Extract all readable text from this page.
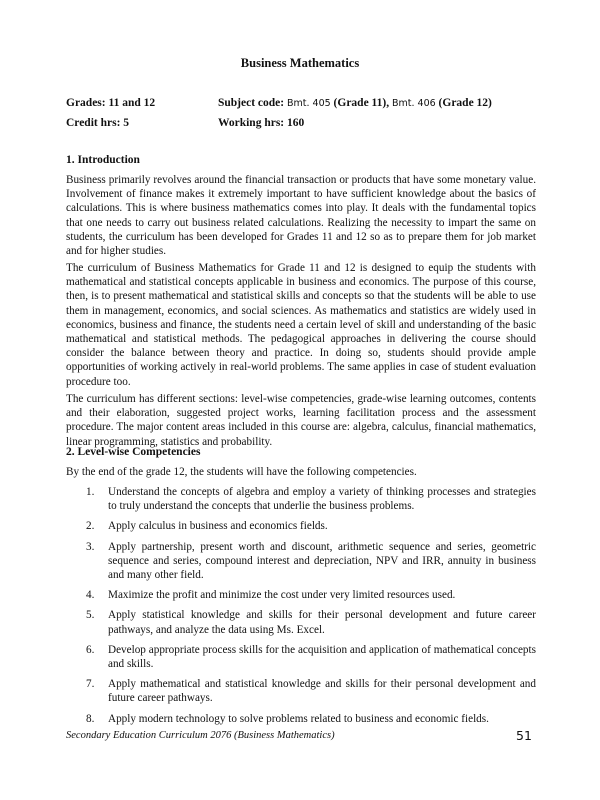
Business Mathematics
Grades: 11 and 12	Subject code: Bmt. 405 (Grade 11), Bmt. 406 (Grade 12)
Credit hrs: 5	Working hrs: 160
1. Introduction

Business primarily revolves around the financial transaction or products that have some monetary value. Involvement of finance makes it extremely important to have sufficient knowledge about the basics of calculations. This is where business mathematics comes into play. It deals with the fundamental topics that one needs to carry out business related calculations. Realizing the necessity to impart the same on students, the curriculum has been developed for Grades 11 and 12 so as to prepare them for job market and for higher studies.

The curriculum of Business Mathematics for Grade 11 and 12 is designed to equip the students with mathematical and statistical concepts applicable in business and economics. The purpose of this course, then, is to present mathematical and statistical skills and concepts so that the students will be able to use them in management, economics, and social sciences. As mathematics and statistics are widely used in economics, business and finance, the students need a certain level of skill and understanding of the basic mathematical and statistical methods. The pedagogical approaches in delivering the course should consider the balance between theory and practice. In doing so, students should provide ample opportunities of working actively in real-world problems. The same applies in case of student evaluation procedure too.

The curriculum has different sections: level-wise competencies, grade-wise learning outcomes, contents and their elaboration, suggested project works, learning facilitation process and the assessment procedure. The major content areas included in this course are: algebra, calculus, financial mathematics, linear programming, statistics and probability.

2. Level-wise Competencies

By the end of the grade 12, the students will have the following competencies.

1. Understand the concepts of algebra and employ a variety of thinking processes and strategies to truly understand the concepts that underlie the business problems.
2. Apply calculus in business and economics fields.
3. Apply partnership, present worth and discount, arithmetic sequence and series, geometric sequence and series, compound interest and depreciation, NPV and IRR, annuity in business and many other field.
4. Maximize the profit and minimize the cost under very limited resources used.
5. Apply statistical knowledge and skills for their personal development and future career pathways, and analyze the data using Ms. Excel.
6. Develop appropriate process skills for the acquisition and application of mathematical concepts and skills.
7. Apply mathematical and statistical knowledge and skills for their personal development and future career pathways.
8. Apply modern technology to solve problems related to business and economic fields.
Secondary Education Curriculum 2076 (Business Mathematics)	51
